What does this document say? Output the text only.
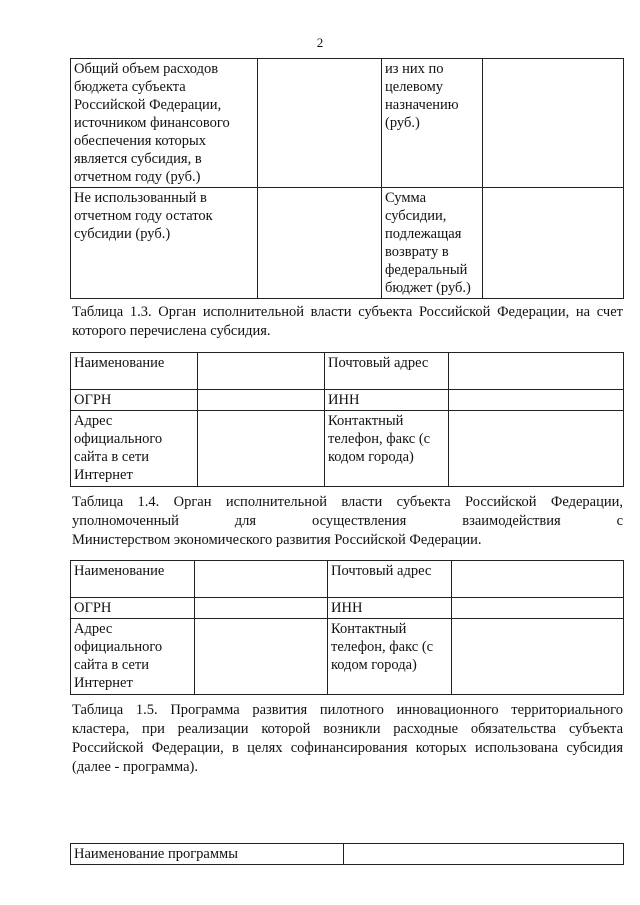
2
Общий объем расходов бюджета субъекта Российской Федерации, источником финансового обеспечения которых является субсидия, в отчетном году (руб.)		из них по целевому назначению (руб.)	
Не использованный в отчетном году остаток субсидии (руб.)		Сумма субсидии, подлежащая возврату в федеральный бюджет (руб.)	
Таблица 1.3. Орган исполнительной власти субъекта Российской Федерации, на счет которого перечислена субсидия.
Наименование		Почтовый адрес	
ОГРН		ИНН	
Адрес официального сайта в сети Интернет		Контактный телефон, факс (с кодом города)	
Таблица 1.4. Орган исполнительной власти субъекта Российской Федерации, уполномоченный для осуществления взаимодействия с
Министерством экономического развития Российской Федерации.
Наименование		Почтовый адрес	
ОГРН		ИНН	
Адрес официального сайта в сети Интернет		Контактный телефон, факс (с кодом города)	
Таблица 1.5. Программа развития пилотного инновационного территориального кластера, при реализации которой возникли расходные обязательства субъекта Российской Федерации, в целях софинансирования которых использована субсидия (далее - программа).
Наименование программы	
